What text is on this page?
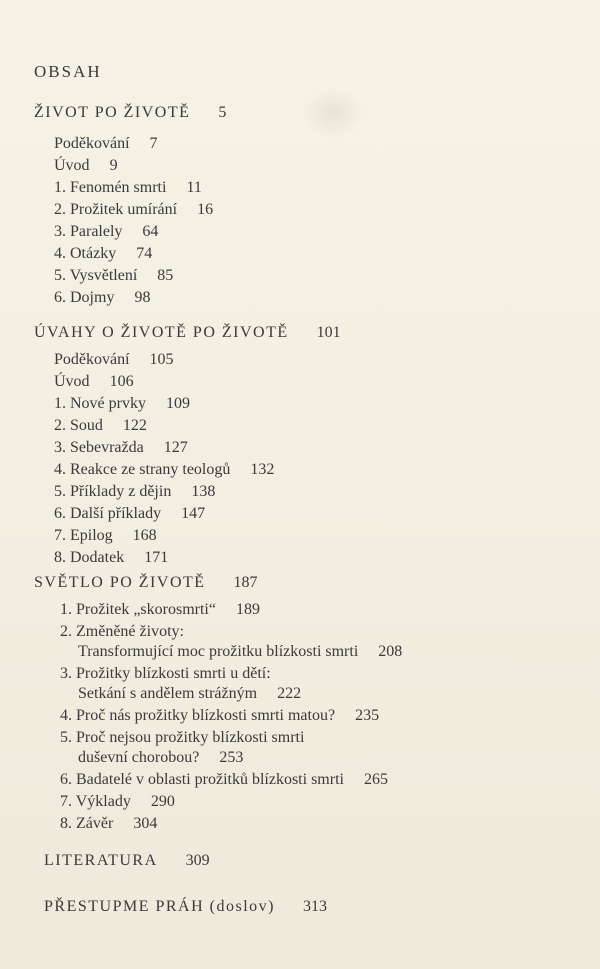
OBSAH
ŽIVOT PO ŽIVOTĚ 5
Poděkování 7
Úvod 9
1. Fenomén smrti 11
2. Prožitek umírání 16
3. Paralely 64
4. Otázky 74
5. Vysvětlení 85
6. Dojmy 98
ÚVAHY O ŽIVOTĚ PO ŽIVOTĚ 101
Poděkování 105
Úvod 106
1. Nové prvky 109
2. Soud 122
3. Sebevražda 127
4. Reakce ze strany teologů 132
5. Příklady z dějin 138
6. Další příklady 147
7. Epilog 168
8. Dodatek 171
SVĚTLO PO ŽIVOTĚ 187
1. Prožitek „skorosmrti“ 189
2. Změněné životy:
Transformující moc prožitku blízkosti smrti 208
3. Prožitky blízkosti smrti u dětí:
Setkání s andělem strážným 222
4. Proč nás prožitky blízkosti smrti matou? 235
5. Proč nejsou prožitky blízkosti smrti
duševní chorobou? 253
6. Badatelé v oblasti prožitků blízkosti smrti 265
7. Výklady 290
8. Závěr 304
LITERATURA 309
PŘESTUPME PRÁH (doslov) 313
